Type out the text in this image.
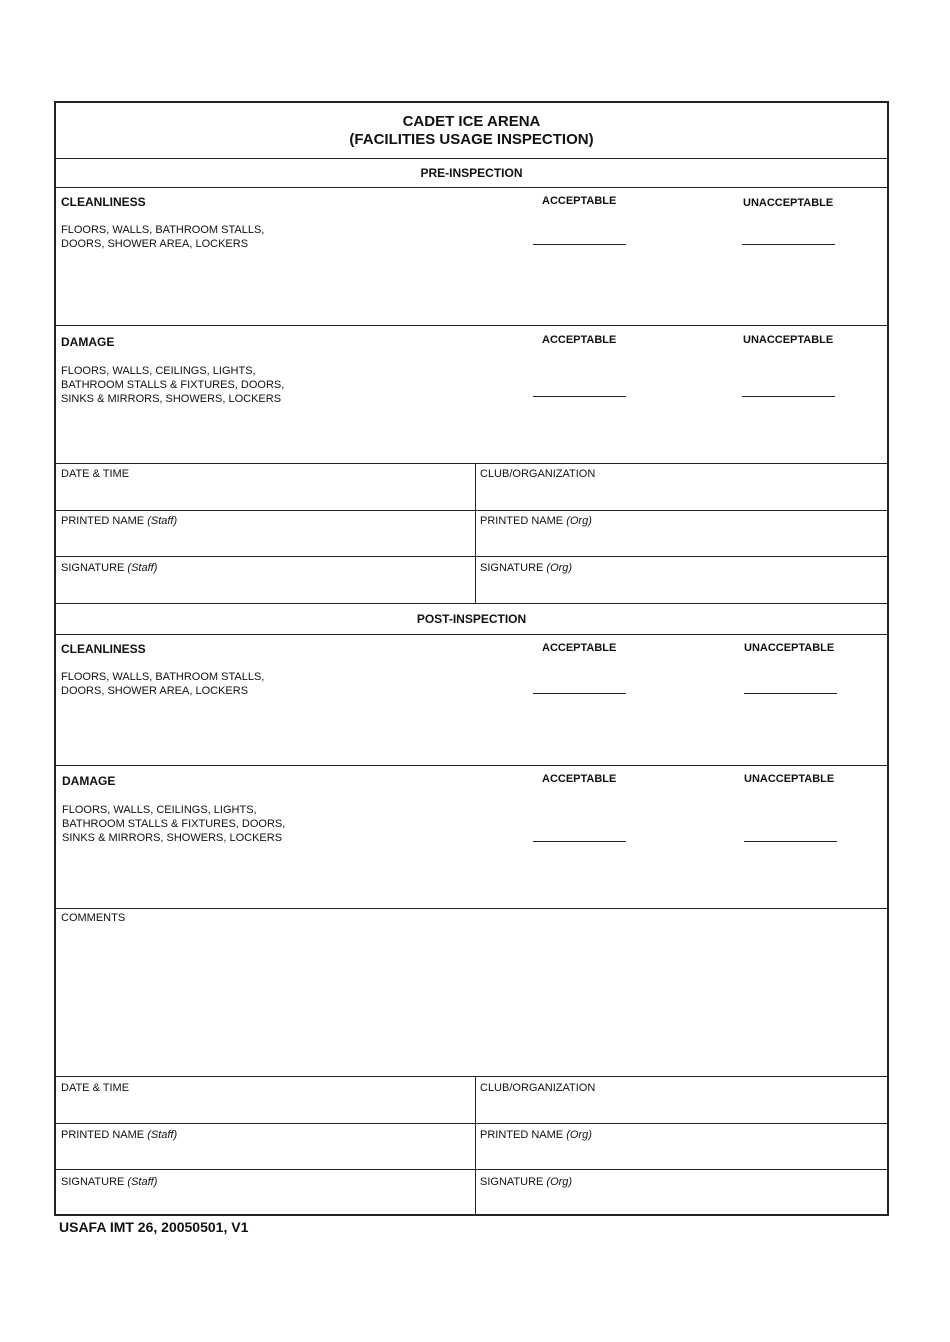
CADET ICE ARENA
(FACILITIES USAGE INSPECTION)
PRE-INSPECTION
CLEANLINESS	ACCEPTABLE	UNACCEPTABLE
FLOORS, WALLS, BATHROOM STALLS,
DOORS, SHOWER AREA, LOCKERS
DAMAGE	ACCEPTABLE	UNACCEPTABLE
FLOORS, WALLS, CEILINGS, LIGHTS,
BATHROOM STALLS & FIXTURES, DOORS,
SINKS & MIRRORS, SHOWERS, LOCKERS
DATE & TIME	CLUB/ORGANIZATION
PRINTED NAME (Staff)	PRINTED NAME (Org)
SIGNATURE (Staff)	SIGNATURE (Org)
POST-INSPECTION
CLEANLINESS	ACCEPTABLE	UNACCEPTABLE
FLOORS, WALLS, BATHROOM STALLS,
DOORS, SHOWER AREA, LOCKERS
DAMAGE	ACCEPTABLE	UNACCEPTABLE
FLOORS, WALLS, CEILINGS, LIGHTS,
BATHROOM STALLS & FIXTURES, DOORS,
SINKS & MIRRORS, SHOWERS, LOCKERS
COMMENTS
DATE & TIME	CLUB/ORGANIZATION
PRINTED NAME (Staff)	PRINTED NAME (Org)
SIGNATURE (Staff)	SIGNATURE (Org)
USAFA IMT 26, 20050501, V1
